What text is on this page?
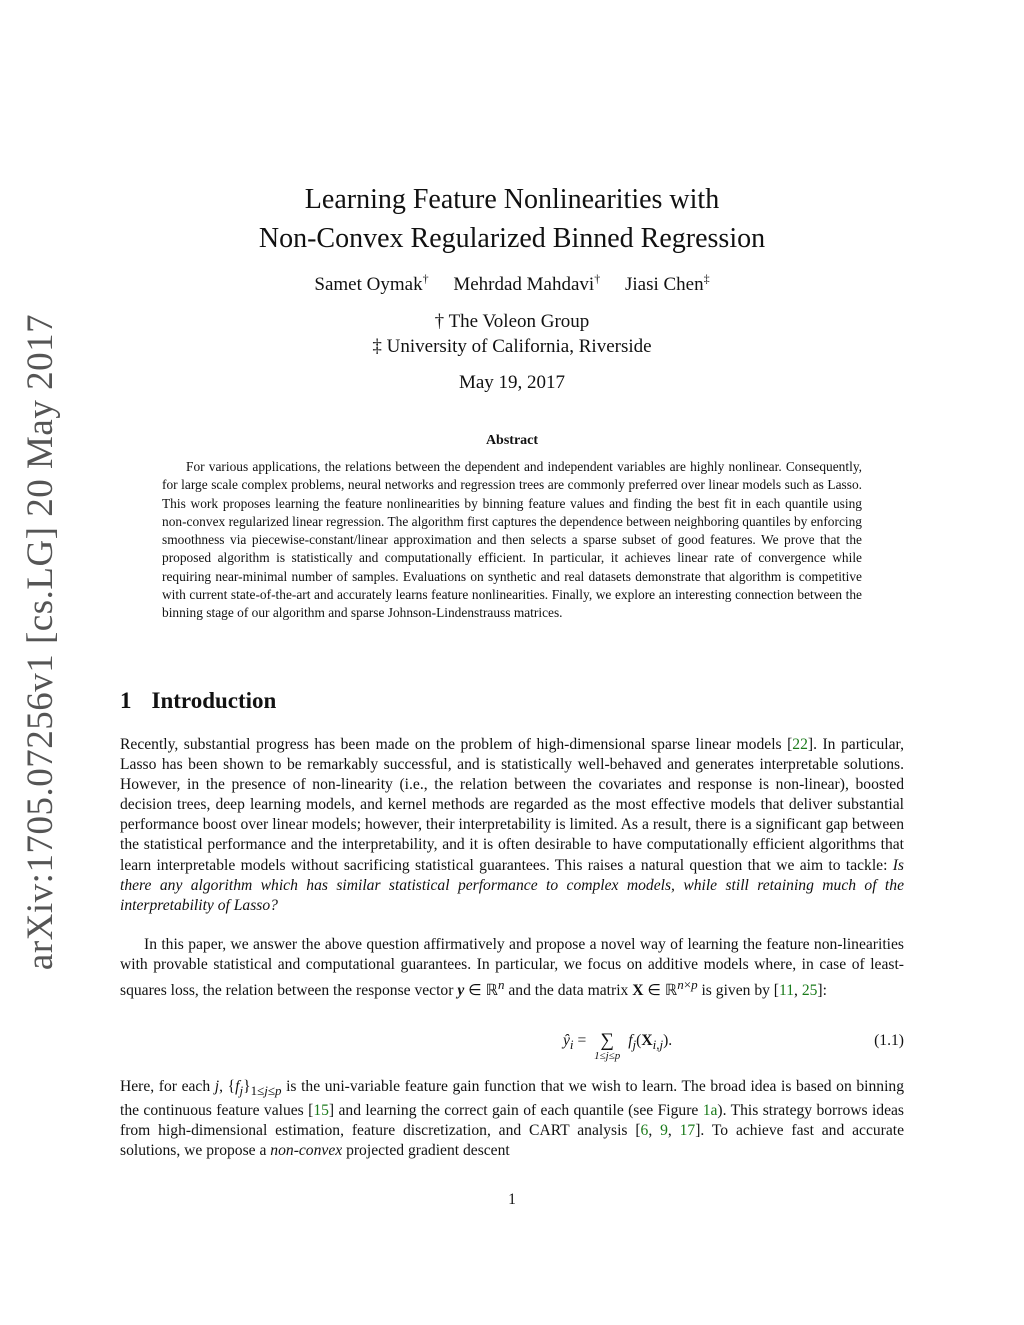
arXiv:1705.07256v1 [cs.LG] 20 May 2017
Learning Feature Nonlinearities with
Non-Convex Regularized Binned Regression
Samet Oymak† Mehrdad Mahdavi† Jiasi Chen‡
† The Voleon Group
‡ University of California, Riverside
May 19, 2017
Abstract

For various applications, the relations between the dependent and independent variables are highly nonlinear. Consequently, for large scale complex problems, neural networks and regression trees are commonly preferred over linear models such as Lasso. This work proposes learning the feature nonlinearities by binning feature values and finding the best fit in each quantile using non-convex regularized linear regression. The algorithm first captures the dependence between neighboring quantiles by enforcing smoothness via piecewise-constant/linear approximation and then selects a sparse subset of good features. We prove that the proposed algorithm is statistically and computationally efficient. In particular, it achieves linear rate of convergence while requiring near-minimal number of samples. Evaluations on synthetic and real datasets demonstrate that algorithm is competitive with current state-of-the-art and accurately learns feature nonlinearities. Finally, we explore an interesting connection between the binning stage of our algorithm and sparse Johnson-Lindenstrauss matrices.

1 Introduction

Recently, substantial progress has been made on the problem of high-dimensional sparse linear models [22]. In particular, Lasso has been shown to be remarkably successful, and is statistically well-behaved and generates interpretable solutions. However, in the presence of non-linearity (i.e., the relation between the covariates and response is non-linear), boosted decision trees, deep learning models, and kernel methods are regarded as the most effective models that deliver substantial performance boost over linear models; however, their interpretability is limited. As a result, there is a significant gap between the statistical performance and the interpretability, and it is often desirable to have computationally efficient algorithms that learn interpretable models without sacrificing statistical guarantees. This raises a natural question that we aim to tackle: Is there any algorithm which has similar statistical performance to complex models, while still retaining much of the interpretability of Lasso?

In this paper, we answer the above question affirmatively and propose a novel way of learning the feature non-linearities with provable statistical and computational guarantees. In particular, we focus on additive models where, in case of least-squares loss, the relation between the response vector y ∈ ℝ$^n$ and the data matrix X ∈ ℝ$^{n\times p}$ is given by [11, 25]:

$ŷ_i$ = ∑
1≤j≤p
$f_j(X_{i,j})$.	(1.1)

Here, for each j, $\{f_j\}_{1\le j\le p}$ is the uni-variable feature gain function that we wish to learn. The broad idea is based on binning the continuous feature values [15] and learning the correct gain of each quantile (see Figure 1a). This strategy borrows ideas from high-dimensional estimation, feature discretization, and CART analysis [6, 9, 17]. To achieve fast and accurate solutions, we propose a non-convex projected gradient descent

1
